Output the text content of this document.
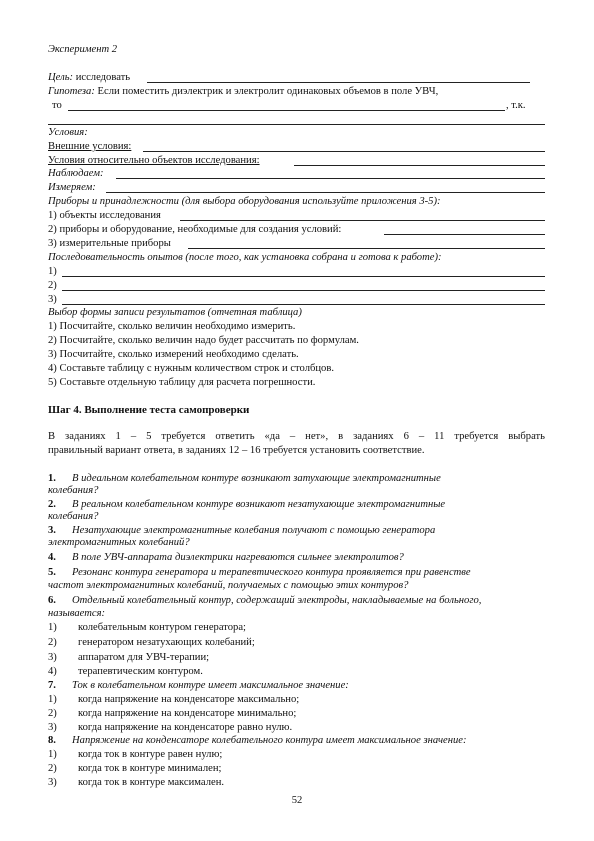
Эксперимент 2
Цель: исследовать
Гипотеза: Если поместить диэлектрик и электролит одинаковых объемов в поле УВЧ,
то	, т.к.
Условия:
Внешние условия:
Условия относительно объектов исследования:
Наблюдаем:
Измеряем:
Приборы и принадлежности (для выбора оборудования используйте приложения 3-5):
1) объекты исследования
2) приборы и оборудование, необходимые для создания условий:
3) измерительные приборы
Последовательность опытов (после того, как установка собрана и готова к работе):
1)
2)
3)
Выбор формы записи результатов (отчетная таблица)
1) Посчитайте, сколько величин необходимо измерить.
2) Посчитайте, сколько величин надо будет рассчитать по формулам.
3) Посчитайте, сколько измерений необходимо сделать.
4) Составьте таблицу с нужным количеством строк и столбцов.
5) Составьте отдельную таблицу для расчета погрешности.
Шаг 4. Выполнение теста самопроверки
В заданиях 1 – 5 требуется ответить «да – нет», в заданиях 6 – 11 требуется выбрать
правильный вариант ответа, в заданиях 12 – 16 требуется установить соответствие.
1. В идеальном колебательном контуре возникают затухающие электромагнитные
колебания?
2. В реальном колебательном контуре возникают незатухающие электромагнитные
колебания?
3. Незатухающие электромагнитные колебания получают с помощью генератора
электромагнитных колебаний?
4. В поле УВЧ-аппарата диэлектрики нагреваются сильнее электролитов?
5. Резонанс контура генератора и терапевтического контура проявляется при равенстве
частот электромагнитных колебаний, получаемых с помощью этих контуров?
6. Отдельный колебательный контур, содержащий электроды, накладываемые на больного,
называется:
1) колебательным контуром генератора;
2) генератором незатухающих колебаний;
3) аппаратом для УВЧ-терапии;
4) терапевтическим контуром.
7. Ток в колебательном контуре имеет максимальное значение:
1) когда напряжение на конденсаторе максимально;
2) когда напряжение на конденсаторе минимально;
3) когда напряжение на конденсаторе равно нулю.
8. Напряжение на конденсаторе колебательного контура имеет максимальное значение:
1) когда ток в контуре равен нулю;
2) когда ток в контуре минимален;
3) когда ток в контуре максимален.
52
